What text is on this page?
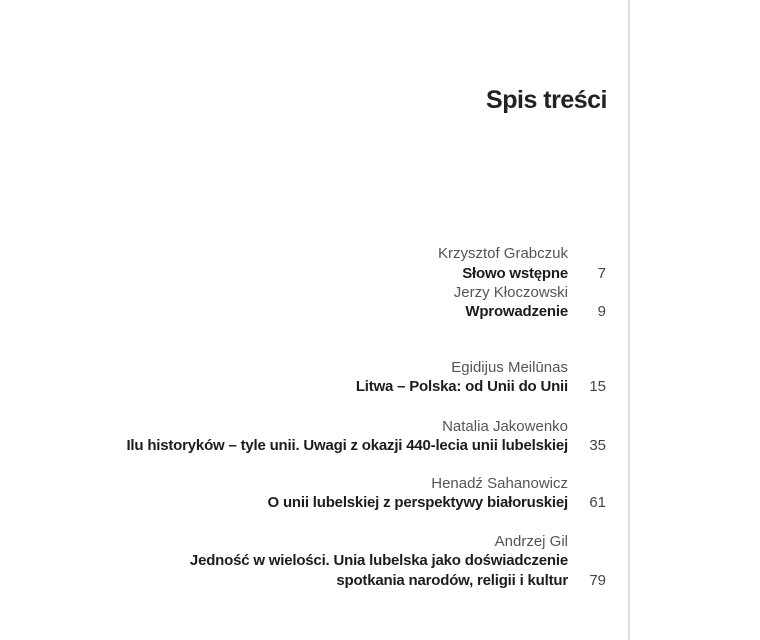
Spis treści
Krzysztof Grabczuk
Słowo wstępne 7
Jerzy Kłoczowski
Wprowadzenie 9
Egidijus Meilūnas
Litwa – Polska: od Unii do Unii 15
Natalia Jakowenko
Ilu historyków – tyle unii. Uwagi z okazji 440-lecia unii lubelskiej 35
Henadź Sahanowicz
O unii lubelskiej z perspektywy białoruskiej 61
Andrzej Gil
Jedność w wielości. Unia lubelska jako doświadczenie
spotkania narodów, religii i kultur 79
